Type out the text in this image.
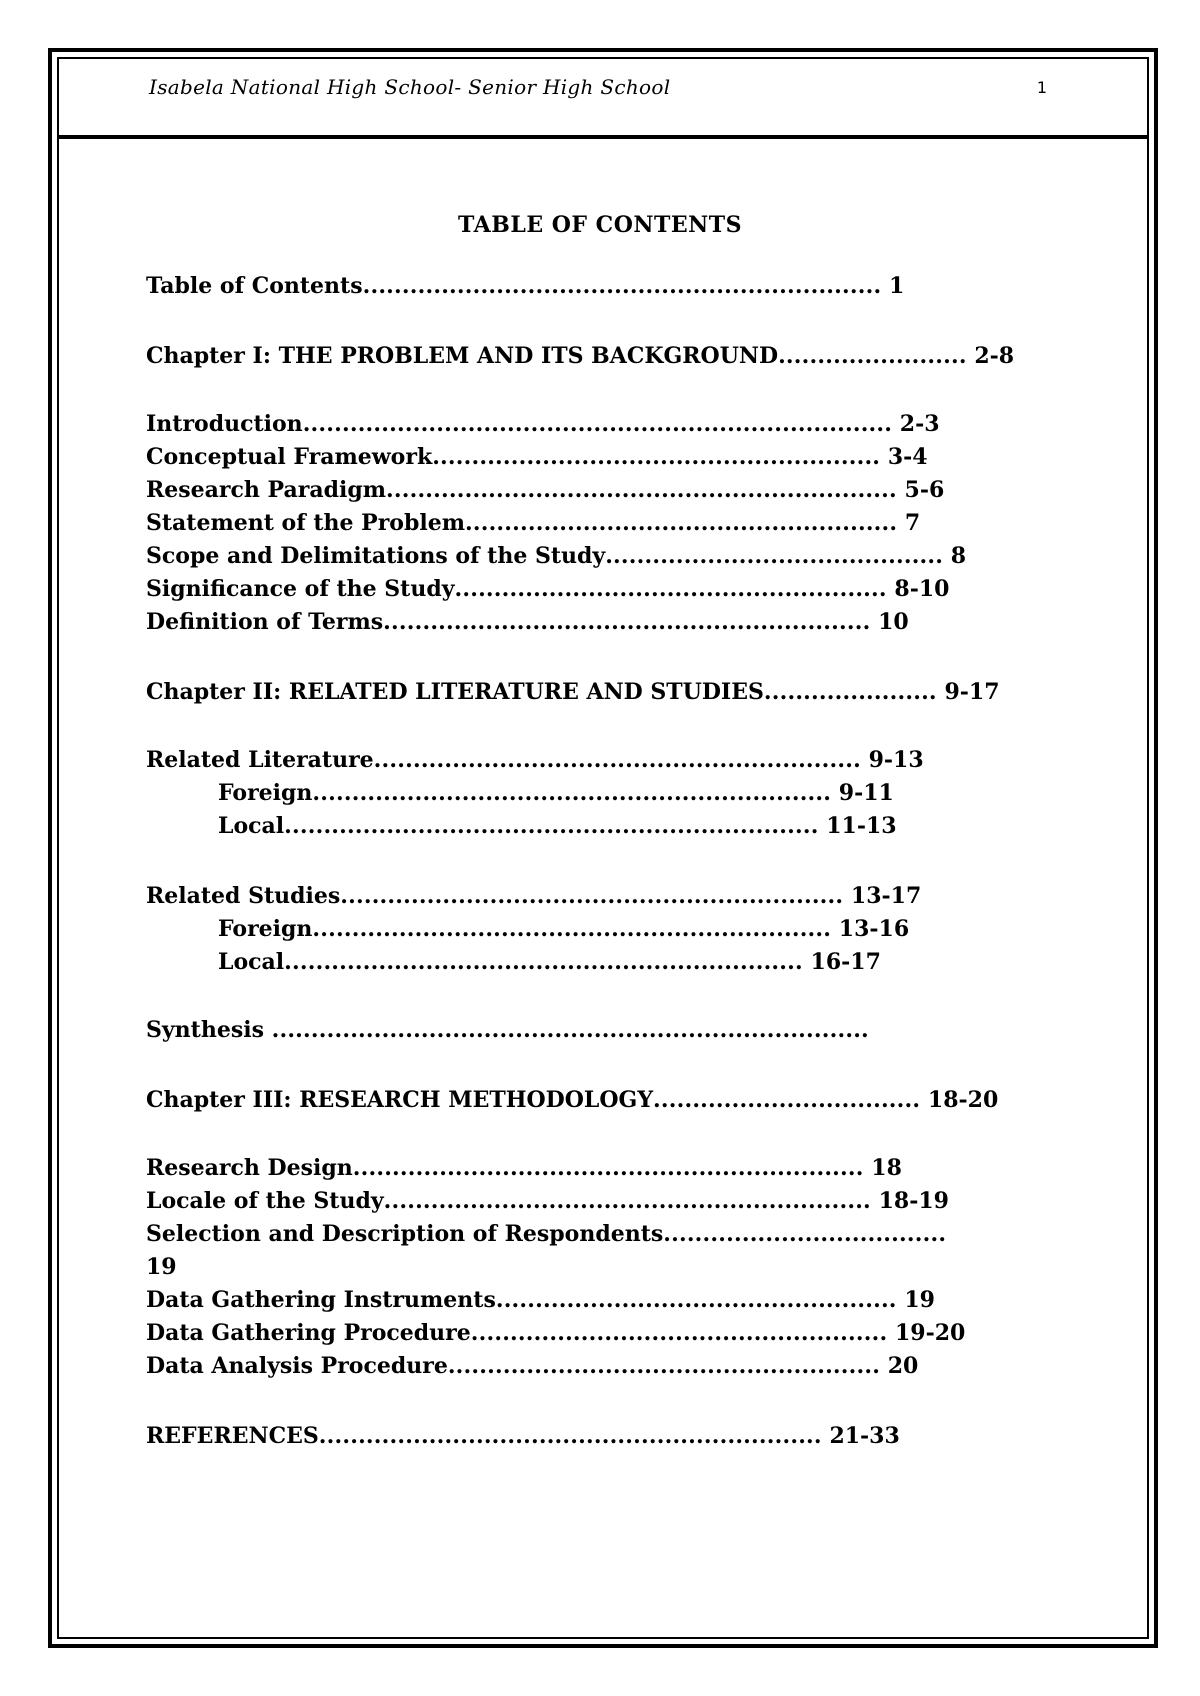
Isabela National High School- Senior High School	1
TABLE OF CONTENTS
Table of Contents.................................................................. 1
Chapter I: THE PROBLEM AND ITS BACKGROUND........................ 2-8
Introduction........................................................................... 2-3
Conceptual Framework......................................................... 3-4
Research Paradigm................................................................. 5-6
Statement of the Problem....................................................... 7
Scope and Delimitations of the Study........................................... 8
Significance of the Study....................................................... 8-10
Definition of Terms.............................................................. 10
Chapter II: RELATED LITERATURE AND STUDIES...................... 9-17
Related Literature.............................................................. 9-13
Foreign.................................................................. 9-11
Local.................................................................... 11-13
Related Studies................................................................ 13-17
Foreign.................................................................. 13-16
Local.................................................................. 16-17
Synthesis ............................................................................
Chapter III: RESEARCH METHODOLOGY.................................. 18-20
Research Design................................................................. 18
Locale of the Study.............................................................. 18-19
Selection and Description of Respondents....................................
19
Data Gathering Instruments................................................... 19
Data Gathering Procedure..................................................... 19-20
Data Analysis Procedure....................................................... 20
REFERENCES................................................................ 21-33
